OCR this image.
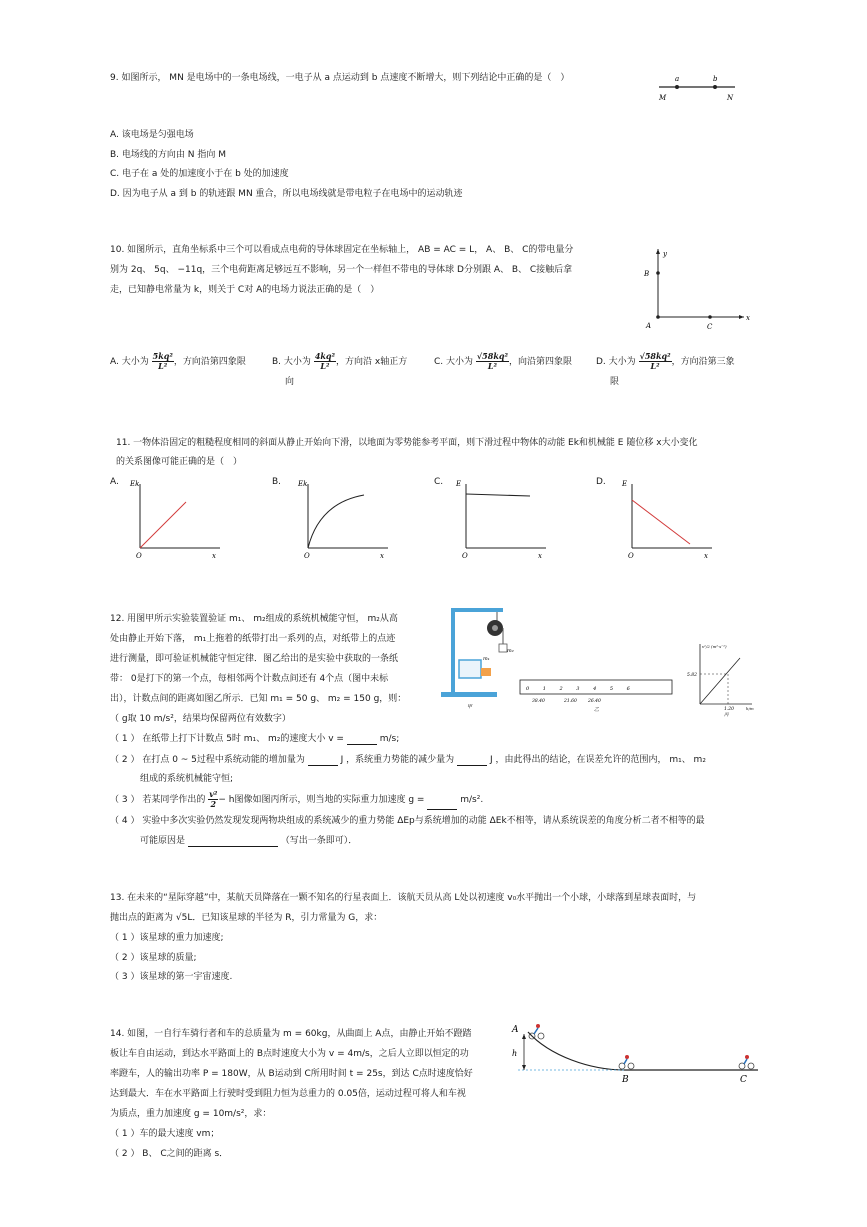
9. 如图所示， MN 是电场中的一条电场线，一电子从 a 点运动到 b 点速度不断增大，则下列结论中正确的是（　）	a	b
M	N
A. 该电场是匀强电场
B. 电场线的方向由 N 指向 M
C. 电子在 a 处的加速度小于在 b 处的加速度
D. 因为电子从 a 到 b 的轨迹跟 MN 重合，所以电场线就是带电粒子在电场中的运动轨迹
10. 如图所示，直角坐标系中三个可以看成点电荷的导体球固定在坐标轴上， AB = AC = L， A、 B、 C的带电量分
别为 2q、 5q、 −11q，三个电荷距离足够远互不影响，另一个一样但不带电的导体球 D分别跟 A、 B、 C接触后拿
走，已知静电常量为 k，则关于 C对 A的电场力说法正确的是（　）
y
x
B
A	C
A. 大小为 $\frac{\text{5kq²}}{\text{L²}}$ ，方向沿第四象限	B. 大小为 $\frac{\text{4kq²}}{\text{L²}}$ ，方向沿 x轴正方
向
C. 大小为 $\frac{\text{√58kq²}}{\text{L²}}$ ，向沿第四象限	D. 大小为 $\frac{\text{√58kq²}}{\text{L²}}$ ，方向沿第三象
限
11. 一物体沿固定的粗糙程度相同的斜面从静止开始向下滑，以地面为零势能参考平面，则下滑过程中物体的动能 Ek和机械能 E 随位移 x大小变化
的关系图像可能正确的是（　）
A. Ek
O	x
B. Ek
O	x
C. E
O	x
D. E
O	x
12. 用图甲所示实验装置验证 m₁、 m₂组成的系统机械能守恒， m₂从高
处由静止开始下落， m₁上拖着的纸带打出一系列的点，对纸带上的点迹
进行测量，即可验证机械能守恒定律．图乙给出的是实验中获取的一条纸
带： 0是打下的第一个点，每相邻两个计数点间还有 4个点（图中未标
出），计数点间的距离如图乙所示．已知 m₁ = 50 g、 m₂ = 150 g，则：
（ g取 10 m/s²，结果均保留两位有效数字）
m₂
m₁
甲
0 1 2 3 4 5 6
38.40	21.60 26.40
乙
v²/2 (m²·s⁻²)
5.82
1.20	h/m
丙
（ 1 ） 在纸带上打下计数点 5时 m₁、 m₂的速度大小 v =	m/s;
（ 2 ） 在打点 0 ~ 5过程中系统动能的增加量为	J ，系统重力势能的减少量为	J ，由此得出的结论，在误差允许的范围内， m₁、 m₂
组成的系统机械能守恒;
（ 3 ） 若某同学作出的 $\frac{\text{v²}}{2} - h$图像如图丙所示，则当地的实际重力加速度 g =	m/s².
（ 4 ） 实验中多次实验仍然发现发现两物块组成的系统减少的重力势能 ΔEp与系统增加的动能 ΔEk不相等，请从系统误差的角度分析二者不相等的最
可能原因是	（写出一条即可）．
13. 在未来的“星际穿越”中，某航天员降落在一颗不知名的行星表面上．该航天员从高 L处以初速度 v₀水平抛出一个小球，小球落到星球表面时，与
抛出点的距离为 √5L．已知该星球的半径为 R，引力常量为 G，求：
（ 1 ）该星球的重力加速度;
（ 2 ）该星球的质量;
（ 3 ）该星球的第一宇宙速度.
14. 如图，一自行车骑行者和车的总质量为 m = 60kg，从曲面上 A点，由静止开始不蹬踏
板让车自由运动，到达水平路面上的 B点时速度大小为 v = 4m/s，之后人立即以恒定的功
率蹬车，人的输出功率 P = 180W，从 B运动到 C所用时间 t = 25s，到达 C点时速度恰好
达到最大．车在水平路面上行驶时受到阻力恒为总重力的 0.05倍，运动过程可将人和车视
为质点，重力加速度 g = 10m/s²，求：
（ 1 ）车的最大速度 vm；
（ 2 ） B、 C之间的距离 s．
A
h
B	C
